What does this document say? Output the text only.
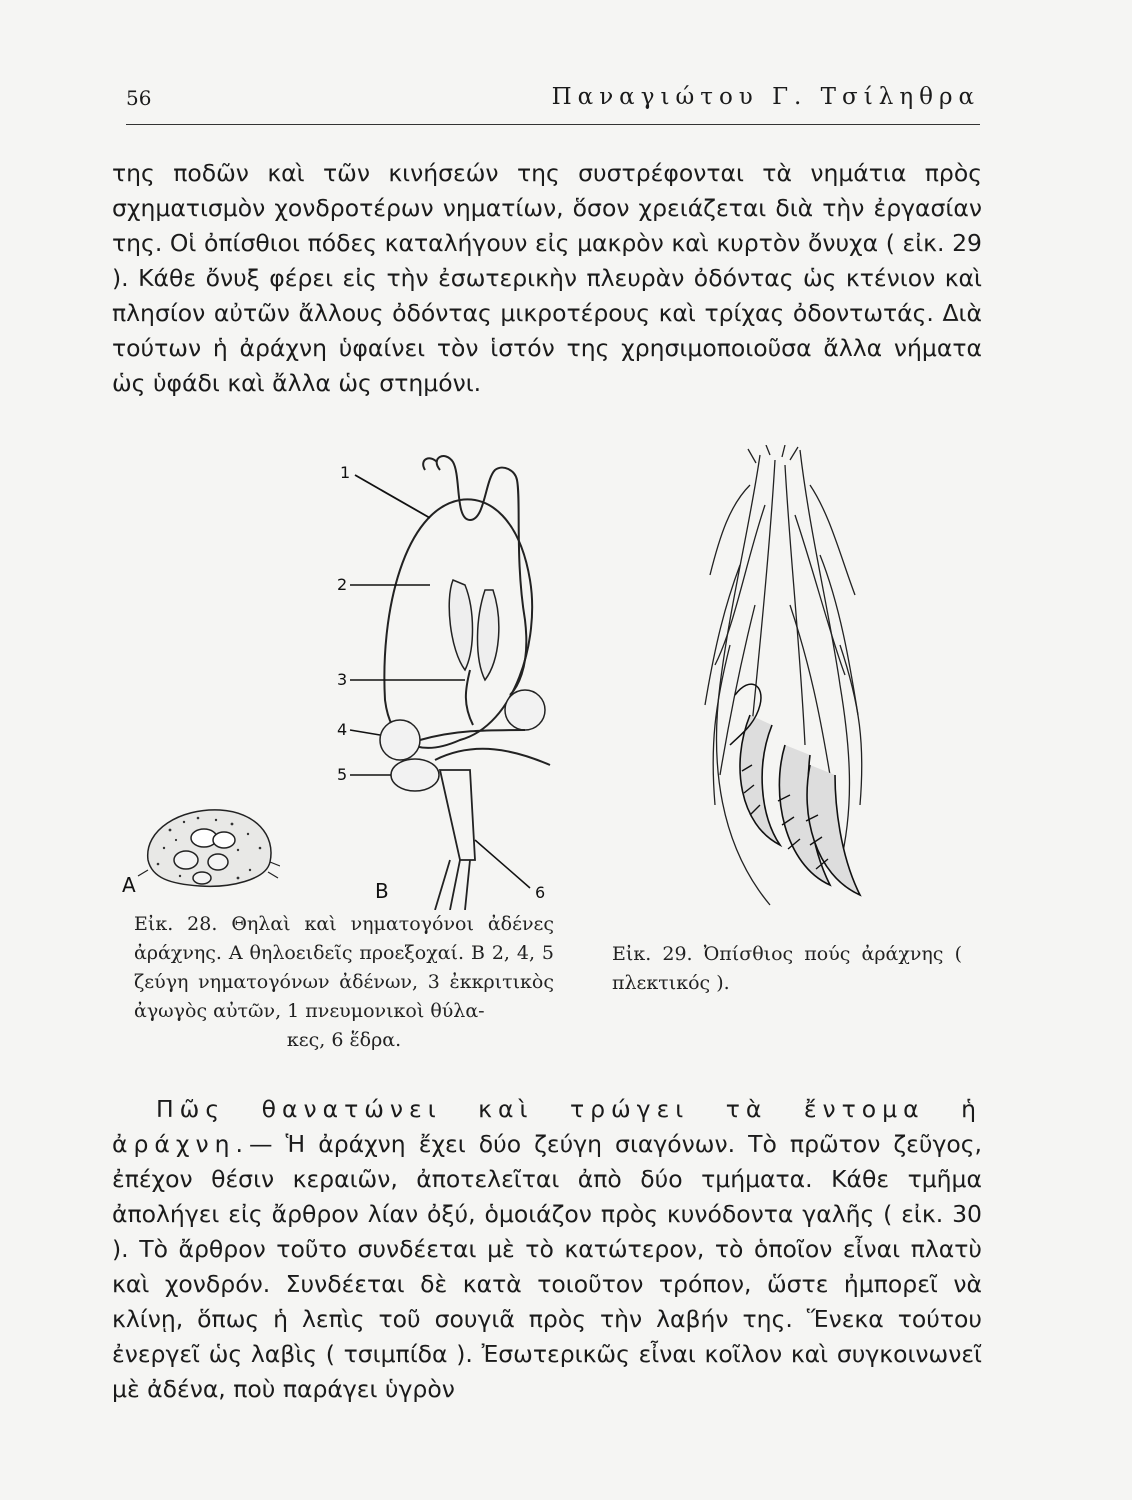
56	Παναγιώτου Γ. Τσίληθρα

της ποδῶν καὶ τῶν κινήσεών της συστρέφονται τὰ νημάτια πρὸς σχηματισμὸν χονδροτέρων νηματίων, ὅσον χρειάζεται διὰ τὴν ἐργασίαν της. Οἱ ὀπίσθιοι πόδες καταλήγουν εἰς μακρὸν καὶ κυρτὸν ὄνυχα ( εἰκ. 29 ). Κάθε ὄνυξ φέρει εἰς τὴν ἐσωτερικὴν πλευρὰν ὀδόντας ὡς κτένιον καὶ πλησίον αὐτῶν ἄλλους ὀδόντας μικροτέρους καὶ τρίχας ὀδοντωτάς. Διὰ τούτων ἡ ἀράχνη ὑφαίνει τὸν ἱστόν της χρησιμοποιοῦσα ἄλλα νήματα ὡς ὑφάδι καὶ ἄλλα ὡς στημόνι.

A
1
2
3
4
5
6
B
Εἰκ. 28. Θηλαὶ καὶ νηματογόνοι ἀδένες ἀράχνης. Α θηλοειδεῖς προεξοχαί. Β 2, 4, 5 ζεύγη νηματογόνων ἀδένων, 3 ἐκκριτικὸς ἀγωγὸς αὐτῶν, 1 πνευμονικοὶ θύλα-
κες, 6 ἕδρα.
Εἰκ. 29. Ὀπίσθιος πούς ἀράχνης ( πλεκτικός ).

Πῶς θανατώνει καὶ τρώγει τὰ ἔντομα ἡ ἀράχνη.— Ἡ ἀράχνη ἔχει δύο ζεύγη σιαγόνων. Τὸ πρῶτον ζεῦγος, ἐπέχον θέσιν κεραιῶν, ἀποτελεῖται ἀπὸ δύο τμήματα. Κάθε τμῆμα ἀπολήγει εἰς ἄρθρον λίαν ὀξύ, ὁμοιάζον πρὸς κυνόδοντα γαλῆς ( εἰκ. 30 ). Τὸ ἄρθρον τοῦτο συνδέεται μὲ τὸ κατώτερον, τὸ ὁποῖον εἶναι πλατὺ καὶ χονδρόν. Συνδέεται δὲ κατὰ τοιοῦτον τρόπον, ὥστε ἠμπορεῖ νὰ κλίνῃ, ὅπως ἡ λεπὶς τοῦ σουγιᾶ πρὸς τὴν λαβήν της. Ἕνεκα τούτου ἐνεργεῖ ὡς λαβὶς ( τσιμπίδα ). Ἐσωτερικῶς εἶναι κοῖλον καὶ συγκοινωνεῖ μὲ ἀδένα, ποὺ παράγει ὑγρὸν
